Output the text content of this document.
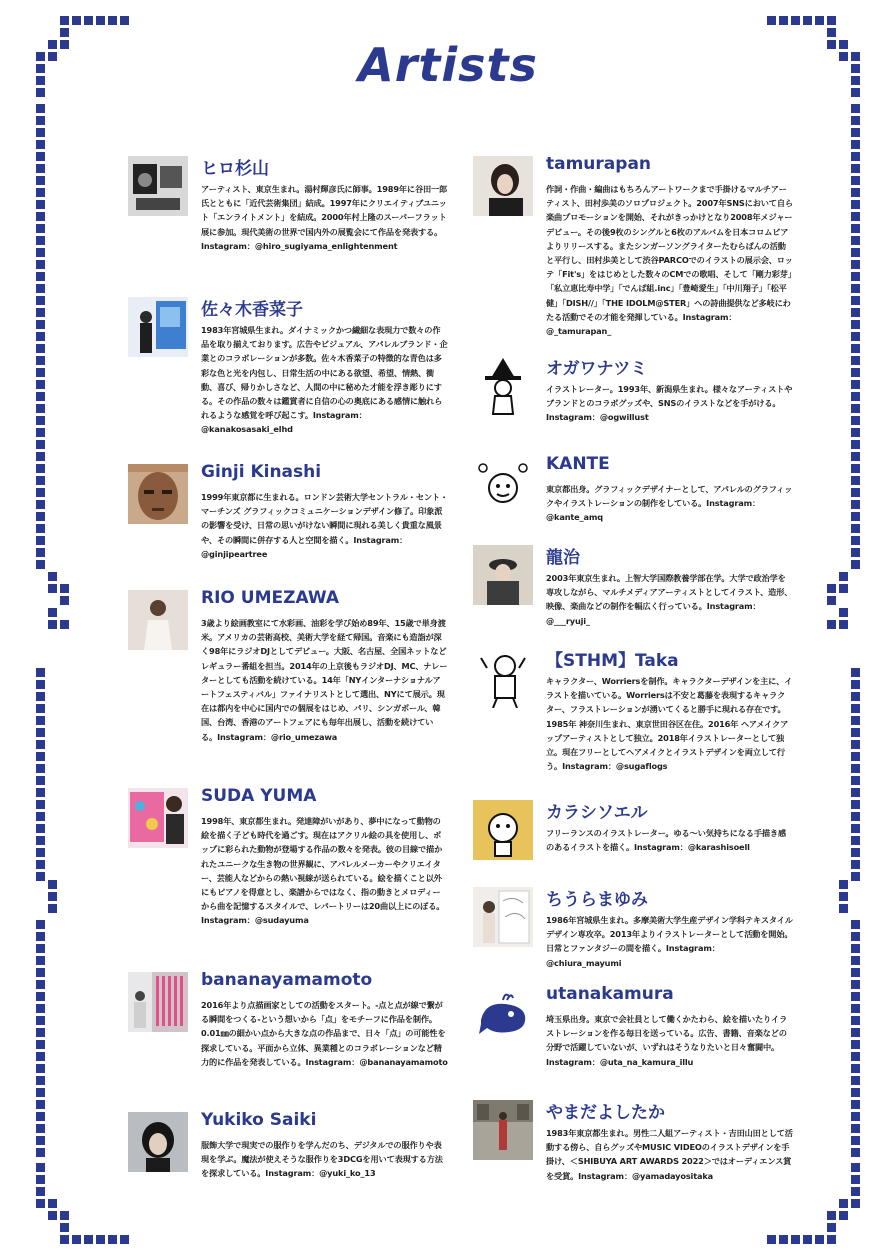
Artists
ヒロ杉山
アーティスト、東京生まれ。湯村輝彦氏に師事。1989年に谷田一郎氏とともに「近代芸術集団」結成。1997年にクリエイティブユニット「エンライトメント」を結成。2000年村上隆のスーパーフラット展に参加。現代美術の世界で国内外の展覧会にて作品を発表する。Instagram：@hiro_sugiyama_enlightenment
佐々木香菜子
1983年宮城県生まれ。ダイナミックかつ繊細な表現力で数々の作品を取り揃えております。広告やビジュアル、アパレルブランド・企業とのコラボレーションが多数。佐々木香菜子の特徴的な青色は多彩な色と光を内包し、日常生活の中にある欲望、希望、情熱、衝動、喜び、帰りかしさなど、人間の中に秘めた才能を浮き彫りにする。その作品の数々は鑑賞者に自信の心の奥底にある感情に触れられるような感覚を呼び起こす。Instagram：@kanakosasaki_elhd
Ginji Kinashi
1999年東京都に生まれる。ロンドン芸術大学セントラル・セント・マーチンズ グラフィックコミュニケーションデザイン修了。印象派の影響を受け、日常の思いがけない瞬間に現れる美しく貴重な風景や、その瞬間に併存する人と空間を描く。Instagram：@ginjipeartree
RIO UMEZAWA
3歳より絵画教室にて水彩画、油彩を学び始め89年、15歳で単身渡米。アメリカの芸術高校、美術大学を経て帰国。音楽にも造詣が深く98年にラジオDJとしてデビュー。大阪、名古屋、全国ネットなどレギュラー番組を担当。2014年の上京後もラジオDJ、MC、ナレーターとしても活動を続けている。14年「NYインターナショナルアートフェスティバル」ファイナリストとして選出、NYにて展示。現在は都内を中心に国内での個展をはじめ、パリ、シンガポール、韓国、台湾、香港のアートフェアにも毎年出展し、活動を続けている。Instagram：@rio_umezawa
SUDA YUMA
1998年、東京都生まれ。発達障がいがあり、夢中になって動物の絵を描く子ども時代を過ごす。現在はアクリル絵の具を使用し、ポップに彩られた動物が登場する作品の数々を発表。彼の目線で描かれたユニークな生き物の世界観に、アパレルメーカーやクリエイター、芸能人などからの熱い視線が送られている。絵を描くこと以外にもピアノを得意とし、楽譜からではなく、指の動きとメロディーから曲を記憶するスタイルで、レパートリーは20曲以上にのぼる。Instagram：@sudayuma
bananayamamoto
2016年より点描画家としての活動をスタート。-点と点が線で繋がる瞬間をつくる-という想いから「点」をモチーフに作品を制作。0.01㎜の細かい点から大きな点の作品まで、日々「点」の可能性を探求している。平面から立体、異業種とのコラボレーションなど精力的に作品を発表している。Instagram：@bananayamamoto
Yukiko Saiki
服飾大学で現実での服作りを学んだのち、デジタルでの服作りや表現を学ぶ。魔法が使えそうな服作りを3DCGを用いて表現する方法を探求している。Instagram：@yuki_ko_13
tamurapan
作詞・作曲・編曲はもちろんアートワークまで手掛けるマルチアーティスト、田村歩美のソロプロジェクト。2007年SNSにおいて自ら楽曲プロモーションを開始、それがきっかけとなり2008年メジャーデビュー。その後9枚のシングルと6枚のアルバムを日本コロムビアよりリリースする。またシンガーソングライターたむらぱんの活動と平行し、田村歩美として渋谷PARCOでのイラストの展示会、ロッテ「Fit's」をはじめとした数々のCMでの歌唱、そして「剛力彩芽」「私立恵比寿中学」「でんぱ組.inc」「豊崎愛生」「中川翔子」「松平健」「DISH//」「THE IDOLM@STER」への詩曲提供など多岐にわたる活動でその才能を発揮している。Instagram：@_tamurapan_
オガワナツミ
イラストレーター。1993年、新潟県生まれ。様々なアーティストやブランドとのコラボグッズや、SNSのイラストなどを手がける。Instagram：@ogwillust
KANTE
東京都出身。グラフィックデザイナーとして、アパレルのグラフィックやイラストレーションの制作をしている。Instagram：@kante_amq
龍治
2003年東京生まれ。上智大学国際教養学部在学。大学で政治学を専攻しながら、マルチメディアアーティストとしてイラスト、造形、映像、楽曲などの制作を幅広く行っている。Instagram：@___ryuji_
【STHM】Taka
キャラクター、Worriersを制作。キャラクターデザインを主に、イラストを描いている。Worriersは不安と葛藤を表現するキャラクター、フラストレーションが湧いてくると勝手に現れる存在です。1985年 神奈川生まれ、東京世田谷区在住。2016年 ヘアメイクアップアーティストとして独立。2018年イラストレーターとして独立。現在フリーとしてヘアメイクとイラストデザインを両立して行う。Instagram：@sugaflogs
カラシソエル
フリーランスのイラストレーター。ゆる〜い気持ちになる手描き感のあるイラストを描く。Instagram：@karashisoell
ちうらまゆみ
1986年宮城県生まれ。多摩美術大学生産デザイン学科テキスタイルデザイン専攻卒。2013年よりイラストレーターとして活動を開始。日常とファンタジーの間を描く。Instagram：@chiura_mayumi
utanakamura
埼玉県出身。東京で会社員として働くかたわら、絵を描いたりイラストレーションを作る毎日を送っている。広告、書籍、音楽などの分野で活躍していないが、いずれはそうなりたいと日々奮闘中。Instagram：@uta_na_kamura_illu
やまだよしたか
1983年東京都生まれ。男性二人組アーティスト・吉田山田として活動する傍ら、自らグッズやMUSIC VIDEOのイラストデザインを手掛け、＜SHIBUYA ART AWARDS 2022＞ではオーディエンス賞を受賞。Instagram：@yamadayositaka
